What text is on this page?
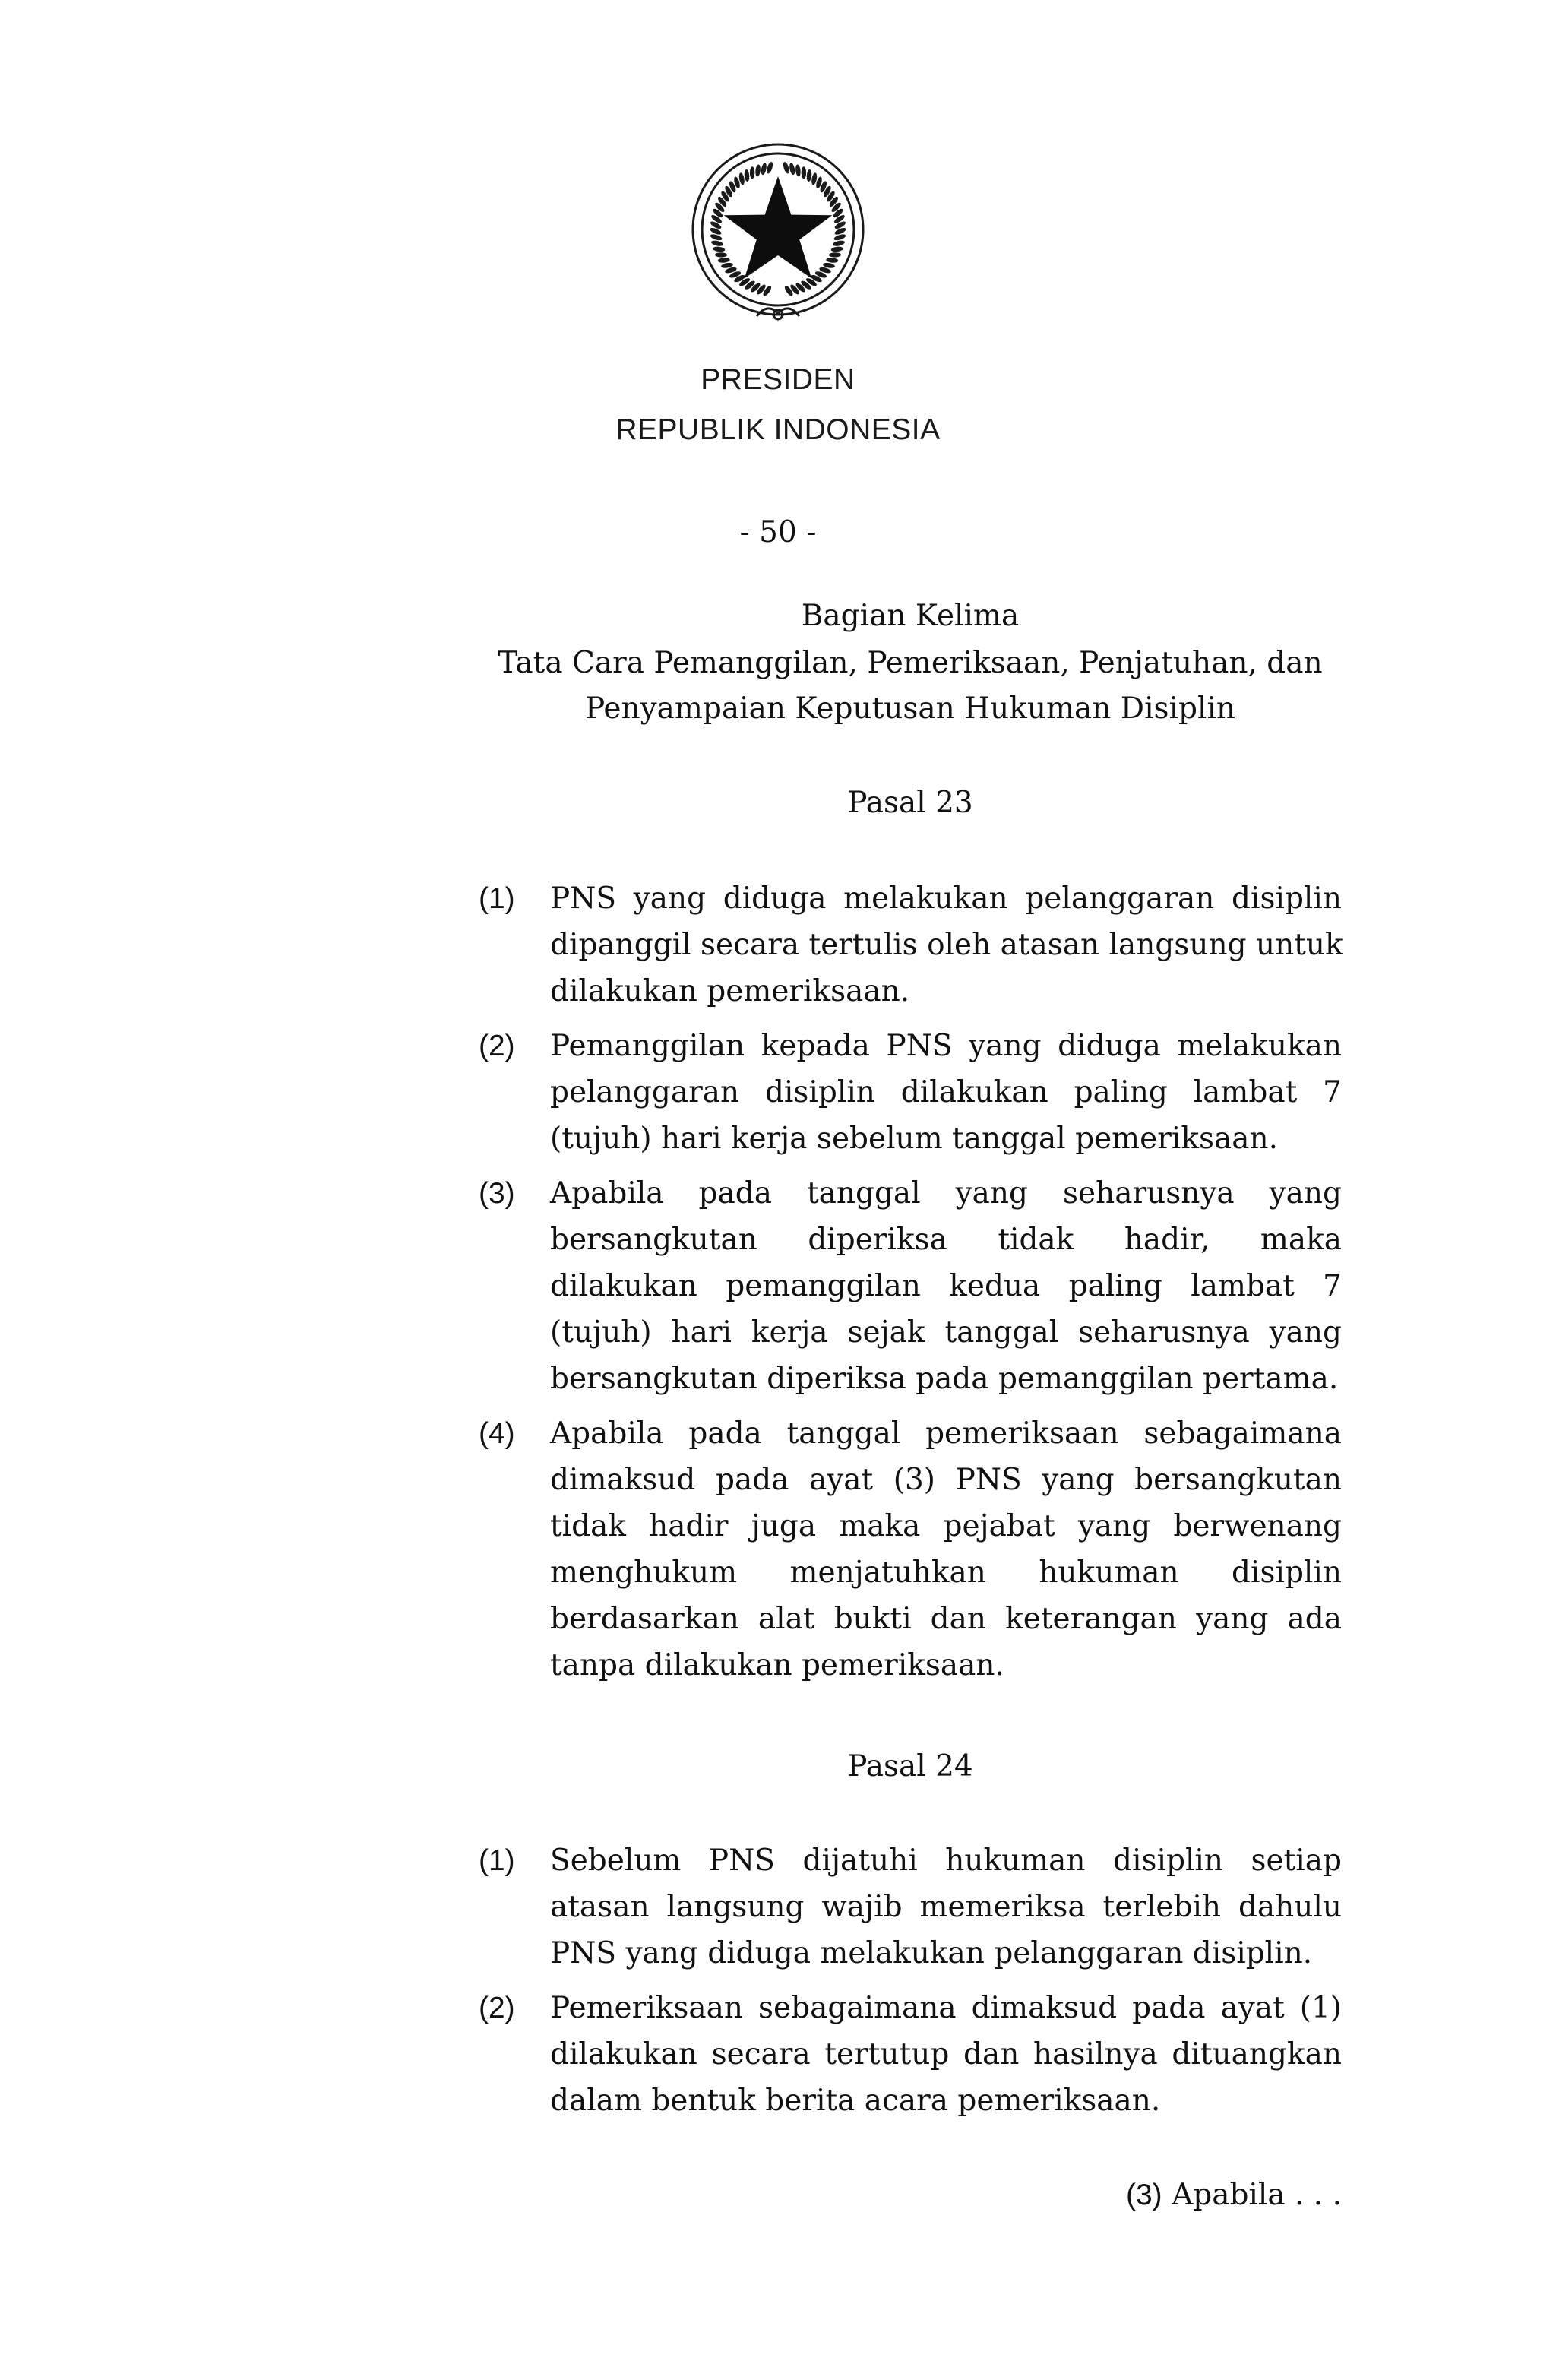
PRESIDEN
REPUBLIK INDONESIA
- 50 -
Bagian Kelima
Tata Cara Pemanggilan, Pemeriksaan, Penjatuhan, dan
Penyampaian Keputusan Hukuman Disiplin
Pasal 23
(1) PNS yang diduga melakukan pelanggaran disiplin
dipanggil secara tertulis oleh atasan langsung untuk
dilakukan pemeriksaan.
(2) Pemanggilan kepada PNS yang diduga melakukan
pelanggaran disiplin dilakukan paling lambat 7
(tujuh) hari kerja sebelum tanggal pemeriksaan.
(3) Apabila pada tanggal yang seharusnya yang
bersangkutan diperiksa tidak hadir, maka
dilakukan pemanggilan kedua paling lambat 7
(tujuh) hari kerja sejak tanggal seharusnya yang
bersangkutan diperiksa pada pemanggilan pertama.
(4) Apabila pada tanggal pemeriksaan sebagaimana
dimaksud pada ayat (3) PNS yang bersangkutan
tidak hadir juga maka pejabat yang berwenang
menghukum menjatuhkan hukuman disiplin
berdasarkan alat bukti dan keterangan yang ada
tanpa dilakukan pemeriksaan.
Pasal 24
(1) Sebelum PNS dijatuhi hukuman disiplin setiap
atasan langsung wajib memeriksa terlebih dahulu
PNS yang diduga melakukan pelanggaran disiplin.
(2) Pemeriksaan sebagaimana dimaksud pada ayat (1)
dilakukan secara tertutup dan hasilnya dituangkan
dalam bentuk berita acara pemeriksaan.
(3) Apabila . . .
